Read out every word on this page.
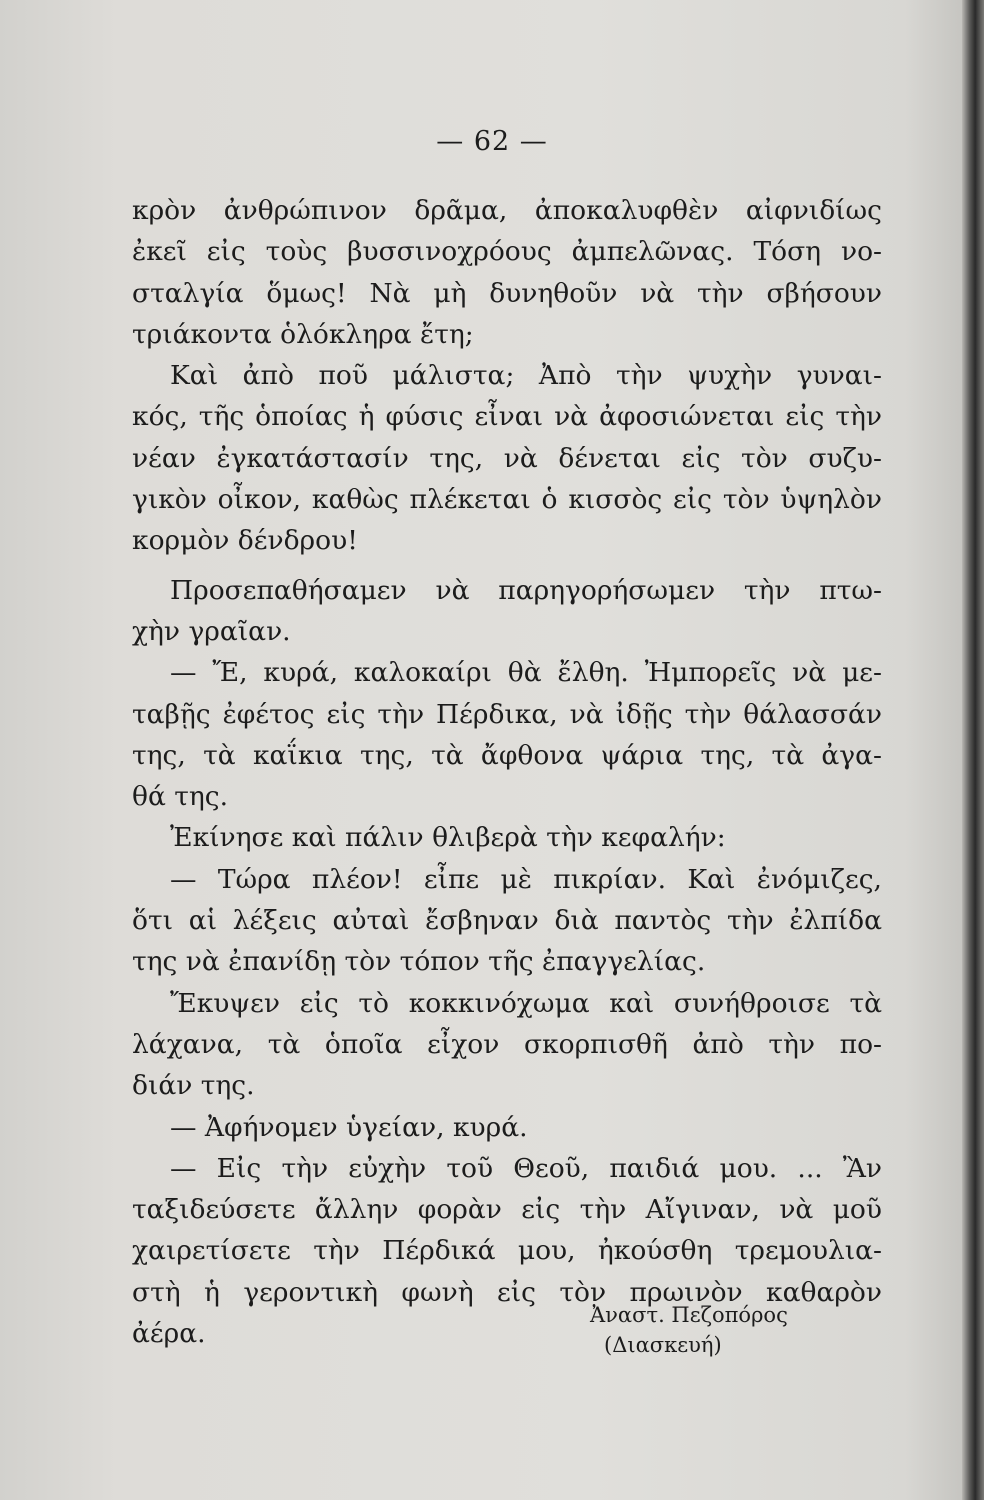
— 62 —
κρὸν ἀνθρώπινον δρᾶμα, ἀποκαλυφθὲν αἰφνιδίως
ἐκεῖ εἰς τοὺς βυσσινοχρόους ἀμπελῶνας. Τόση νο-
σταλγία ὅμως! Νὰ μὴ δυνηθοῦν νὰ τὴν σβήσουν
τριάκοντα ὁλόκληρα ἔτη;
Καὶ ἀπὸ ποῦ μάλιστα; Ἀπὸ τὴν ψυχὴν γυναι-
κός, τῆς ὁποίας ἡ φύσις εἶναι νὰ ἀφοσιώνεται εἰς τὴν
νέαν ἐγκατάστασίν της, νὰ δένεται εἰς τὸν συζυ-
γικὸν οἶκον, καθὼς πλέκεται ὁ κισσὸς εἰς τὸν ὑψηλὸν
κορμὸν δένδρου!
Προσεπαθήσαμεν νὰ παρηγορήσωμεν τὴν πτω-
χὴν γραῖαν.
— Ἔ, κυρά, καλοκαίρι θὰ ἔλθη. Ἠμπορεῖς νὰ με-
ταβῇς ἐφέτος εἰς τὴν Πέρδικα, νὰ ἰδῇς τὴν θάλασσάν
της, τὰ καΐκια της, τὰ ἄφθονα ψάρια της, τὰ ἀγα-
θά της.
Ἐκίνησε καὶ πάλιν θλιβερὰ τὴν κεφαλήν:
— Τώρα πλέον! εἶπε μὲ πικρίαν. Καὶ ἐνόμιζες,
ὅτι αἱ λέξεις αὐταὶ ἔσβηναν διὰ παντὸς τὴν ἐλπίδα
της νὰ ἐπανίδῃ τὸν τόπον τῆς ἐπαγγελίας.
Ἔκυψεν εἰς τὸ κοκκινόχωμα καὶ συνήθροισε τὰ
λάχανα, τὰ ὁποῖα εἶχον σκορπισθῆ ἀπὸ τὴν πο-
διάν της.
— Ἀφήνομεν ὑγείαν, κυρά.
— Εἰς τὴν εὐχὴν τοῦ Θεοῦ, παιδιά μου. ... Ἂν
ταξιδεύσετε ἄλλην φορὰν εἰς τὴν Αἴγιναν, νὰ μοῦ
χαιρετίσετε τὴν Πέρδικά μου, ἠκούσθη τρεμουλια-
στὴ ἡ γεροντικὴ φωνὴ εἰς τὸν πρωινὸν καθαρὸν
ἀέρα.
Ἀναστ. Πεζοπόρος
(Διασκευή)
